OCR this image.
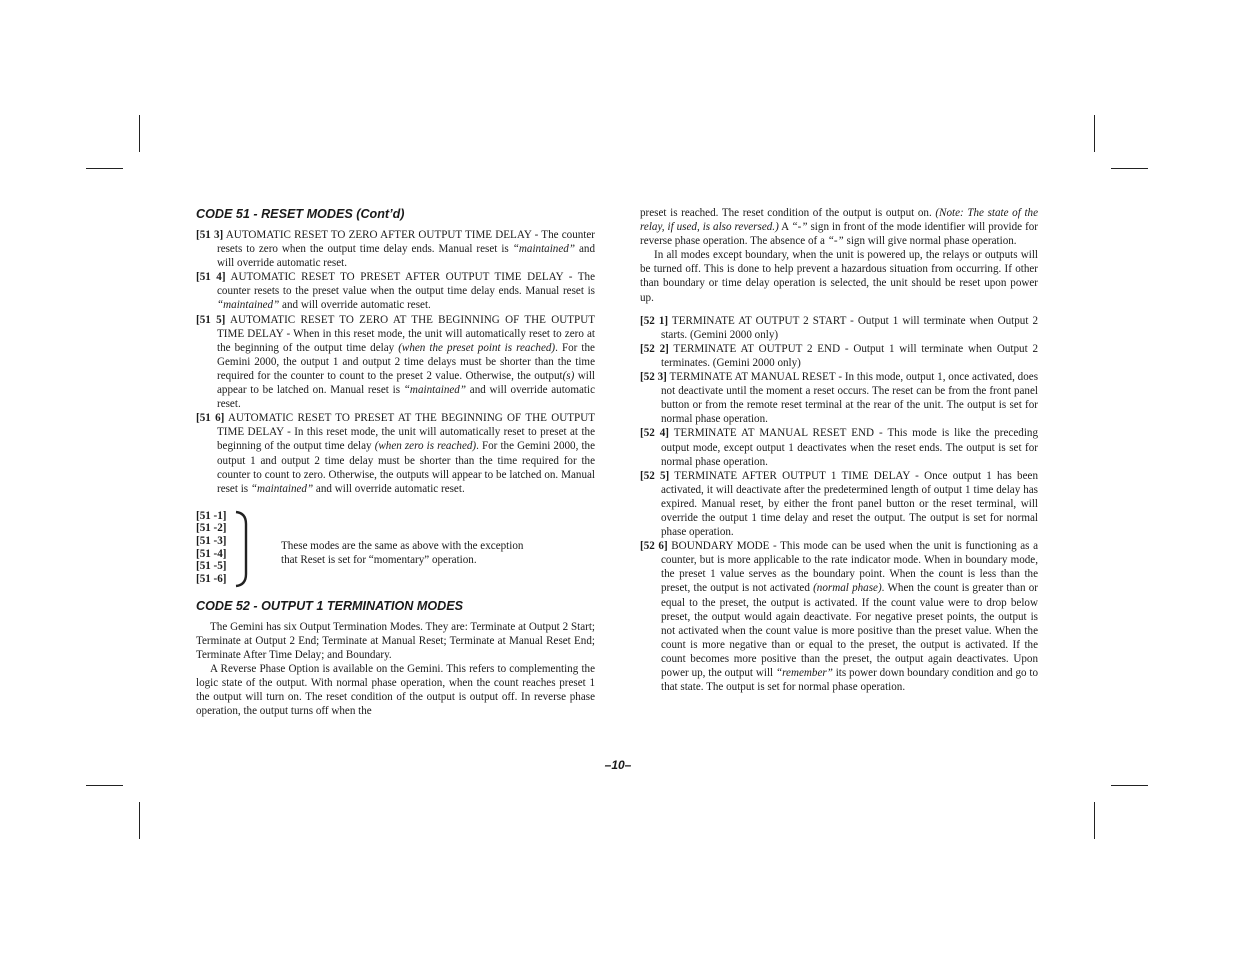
CODE 51 - RESET MODES (Cont’d)

[51 3] AUTOMATIC RESET TO ZERO AFTER OUTPUT TIME DELAY - The counter resets to zero when the output time delay ends. Manual reset is “maintained” and will override automatic reset.

[51 4] AUTOMATIC RESET TO PRESET AFTER OUTPUT TIME DELAY - The counter resets to the preset value when the output time delay ends. Manual reset is “maintained” and will override automatic reset.

[51 5] AUTOMATIC RESET TO ZERO AT THE BEGINNING OF THE OUTPUT TIME DELAY - When in this reset mode, the unit will automatically reset to zero at the beginning of the output time delay (when the preset point is reached). For the Gemini 2000, the output 1 and output 2 time delays must be shorter than the time required for the counter to count to the preset 2 value. Otherwise, the output(s) will appear to be latched on. Manual reset is “maintained” and will override automatic reset.

[51 6] AUTOMATIC RESET TO PRESET AT THE BEGINNING OF THE OUTPUT TIME DELAY - In this reset mode, the unit will automatically reset to preset at the beginning of the output time delay (when zero is reached). For the Gemini 2000, the output 1 and output 2 time delay must be shorter than the time required for the counter to count to zero. Otherwise, the outputs will appear to be latched on. Manual reset is “maintained” and will override automatic reset.

[51 -1]
[51 -2]
[51 -3]
[51 -4]
[51 -5]
[51 -6]
These modes are the same as above with the exception
that Reset is set for “momentary” operation.
CODE 52 - OUTPUT 1 TERMINATION MODES

The Gemini has six Output Termination Modes. They are: Terminate at Output 2 Start; Terminate at Output 2 End; Terminate at Manual Reset; Terminate at Manual Reset End; Terminate After Time Delay; and Boundary.

A Reverse Phase Option is available on the Gemini. This refers to complementing the logic state of the output. With normal phase operation, when the count reaches preset 1 the output will turn on. The reset condition of the output is output off. In reverse phase operation, the output turns off when the

preset is reached. The reset condition of the output is output on. (Note: The state of the relay, if used, is also reversed.) A “-” sign in front of the mode identifier will provide for reverse phase operation. The absence of a “-” sign will give normal phase operation.

In all modes except boundary, when the unit is powered up, the relays or outputs will be turned off. This is done to help prevent a hazardous situation from occurring. If other than boundary or time delay operation is selected, the unit should be reset upon power up.

[52 1] TERMINATE AT OUTPUT 2 START - Output 1 will terminate when Output 2 starts. (Gemini 2000 only)

[52 2] TERMINATE AT OUTPUT 2 END - Output 1 will terminate when Output 2 terminates. (Gemini 2000 only)

[52 3] TERMINATE AT MANUAL RESET - In this mode, output 1, once activated, does not deactivate until the moment a reset occurs. The reset can be from the front panel button or from the remote reset terminal at the rear of the unit. The output is set for normal phase operation.

[52 4] TERMINATE AT MANUAL RESET END - This mode is like the preceding output mode, except output 1 deactivates when the reset ends. The output is set for normal phase operation.

[52 5] TERMINATE AFTER OUTPUT 1 TIME DELAY - Once output 1 has been activated, it will deactivate after the predetermined length of output 1 time delay has expired. Manual reset, by either the front panel button or the reset terminal, will override the output 1 time delay and reset the output. The output is set for normal phase operation.

[52 6] BOUNDARY MODE - This mode can be used when the unit is functioning as a counter, but is more applicable to the rate indicator mode. When in boundary mode, the preset 1 value serves as the boundary point. When the count is less than the preset, the output is not activated (normal phase). When the count is greater than or equal to the preset, the output is activated. If the count value were to drop below preset, the output would again deactivate. For negative preset points, the output is not activated when the count value is more positive than the preset value. When the count is more negative than or equal to the preset, the output is activated. If the count becomes more positive than the preset, the output again deactivates. Upon power up, the output will “remember” its power down boundary condition and go to that state. The output is set for normal phase operation.

–10–
